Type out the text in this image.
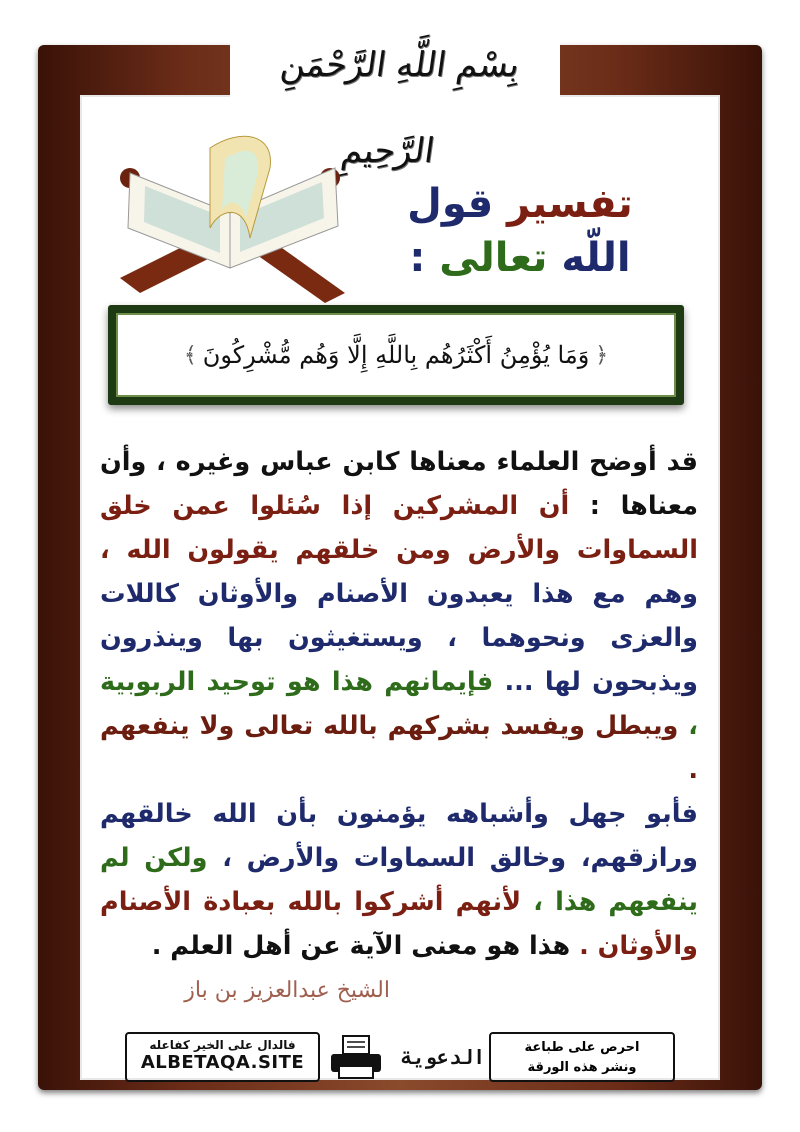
بِسْمِ اللَّهِ الرَّحْمَنِ الرَّحِيمِ
تفسير قول
اللّه تعالى :
﴿
وَمَا يُؤْمِنُ أَكْثَرُهُم بِاللَّهِ إِلَّا وَهُم مُّشْرِكُونَ
﴾

قد أوضح العلماء معناها كابن عباس وغيره ، وأن معناها : أن المشركين إذا سُئلوا عمن خلق السماوات والأرض ومن خلقهم يقولون الله ، وهم مع هذا يعبدون الأصنام والأوثان كاللات والعزى ونحوهما ، ويستغيثون بها وينذرون ويذبحون لها ... فإيمانهم هذا هو توحيد الربوبية ، ويبطل ويفسد بشركهم بالله تعالى ولا ينفعهم .

فأبو جهل وأشباهه يؤمنون بأن الله خالقهم ورازقهم، وخالق السماوات والأرض ، ولكن لم ينفعهم هذا ، لأنهم أشركوا بالله بعبادة الأصنام والأوثان . هذا هو معنى الآية عن أهل العلم .

الشيخ عبدالعزيز بن باز
فالدال على الخير كفاعله
ALBETAQA.SITE	الدعوية	احرص على طباعة
ونشر هذه الورقة
